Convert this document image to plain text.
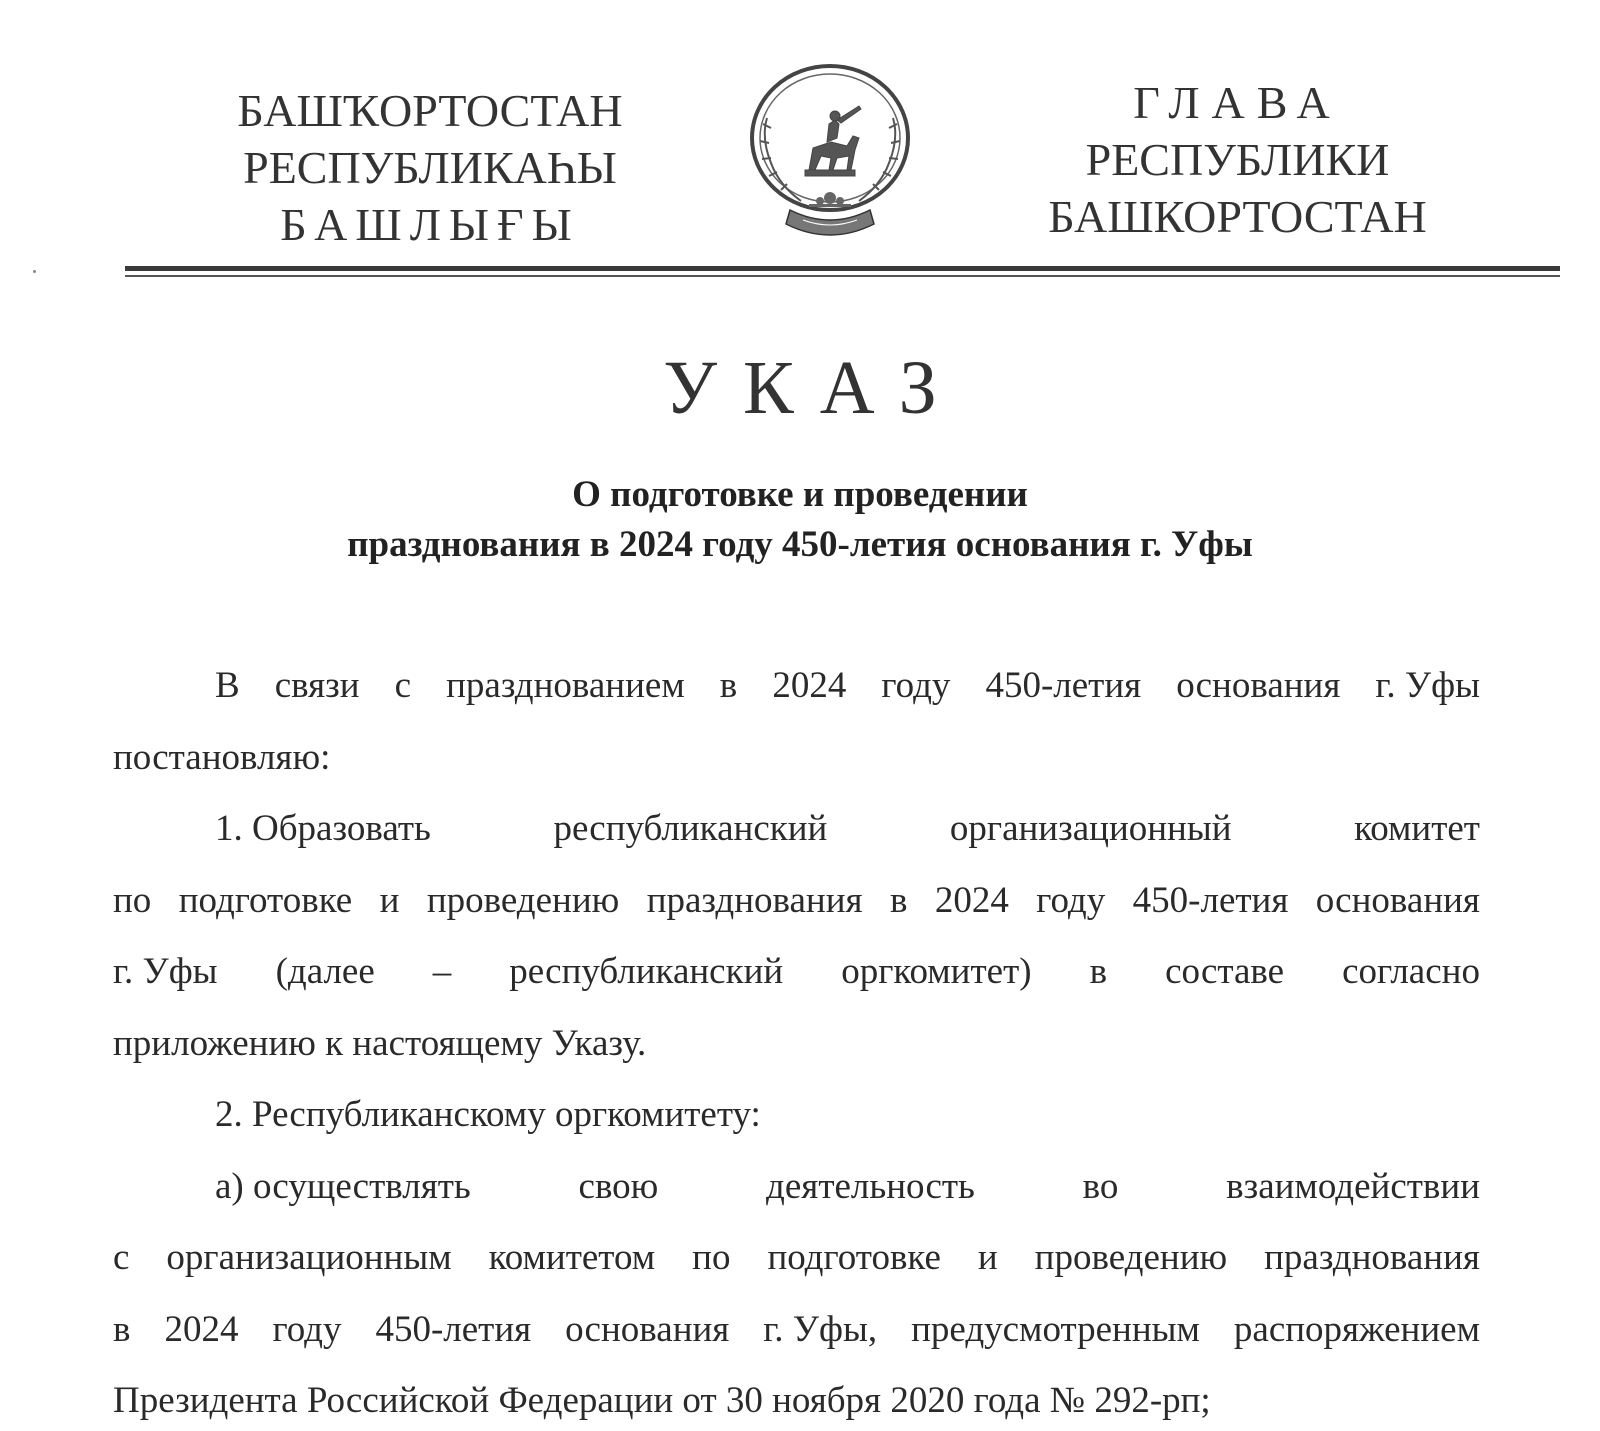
БАШҠОРТОСТАН
РЕСПУБЛИКАҺЫ
БАШЛЫҒЫ
ГЛАВА
РЕСПУБЛИКИ
БАШКОРТОСТАН
УКАЗ
О подготовке и проведении
празднования в 2024 году 450-летия основания г. Уфы
В связи с празднованием в 2024 году 450-летия основания г. Уфы
постановляю:
1. Образовать	республиканский	организационный	комитет
по подготовке и проведению празднования в 2024 году 450-летия основания
г. Уфы (далее – республиканский оргкомитет) в составе согласно
приложению к настоящему Указу.
2. Республиканскому оргкомитету:
а) осуществлять	свою	деятельность	во	взаимодействии
с организационным комитетом по подготовке и проведению празднования
в 2024 году 450-летия основания г. Уфы, предусмотренным распоряжением
Президента Российской Федерации от 30 ноября 2020 года № 292-рп;
